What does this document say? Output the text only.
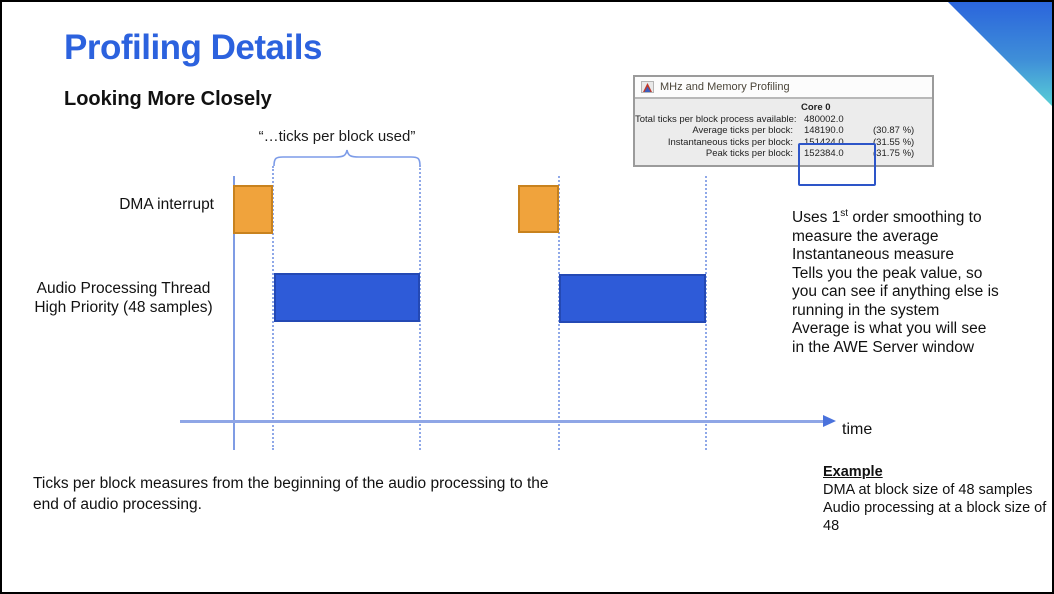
Profiling Details
Looking More Closely
MHz and Memory Profiling
Core 0
Total ticks per block process available: 480002.0
Average ticks per block: 148190.0	(30.87 %)
Instantaneous ticks per block: 151424.0	(31.55 %)
Peak ticks per block: 152384.0	(31.75 %)
“…ticks per block used”
time
DMA interrupt
Audio Processing Thread
High Priority (48 samples)
Uses 1st order smoothing to
measure the average
Instantaneous measure
Tells you the peak value, so
you can see if anything else is
running in the system
Average is what you will see
in the AWE Server window
Ticks per block measures from the beginning of the audio processing to the end of audio processing.
Example
DMA at block size of 48 samples
Audio processing at a block size of 48
